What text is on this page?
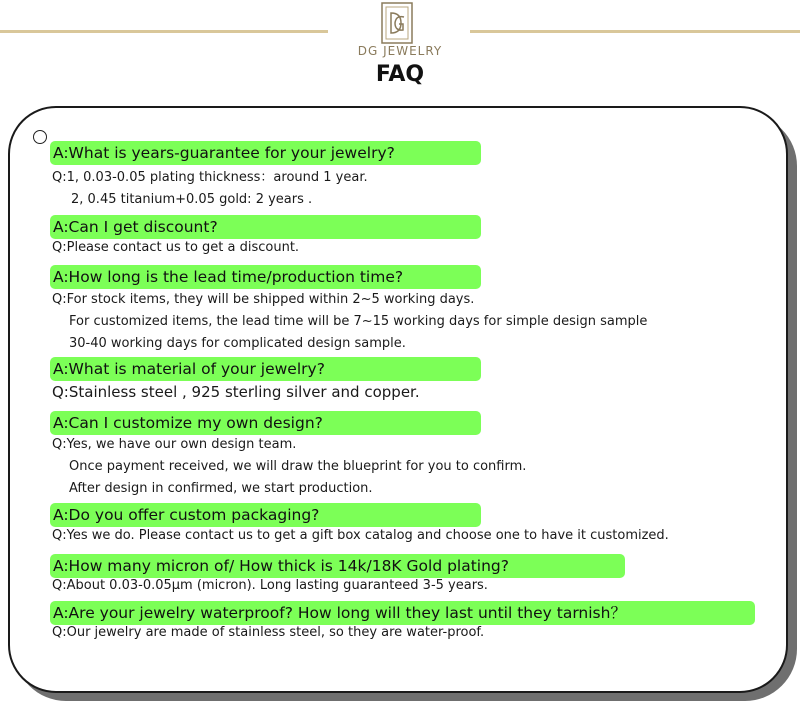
DG JEWELRY
FAQ
A:What is years-guarantee for your jewelry?
Q:1, 0.03-0.05 plating thickness：around 1 year.
2, 0.45 titanium+0.05 gold: 2 years .
A:Can I get discount?
Q:Please contact us to get a discount.
A:How long is the lead time/production time?
Q:For stock items, they will be shipped within 2~5 working days.
For customized items, the lead time will be 7~15 working days for simple design sample
30-40 working days for complicated design sample.
A:What is material of your jewelry?
Q:Stainless steel , 925 sterling silver and copper.
A:Can I customize my own design?
Q:Yes, we have our own design team.
Once payment received, we will draw the blueprint for you to confirm.
After design in confirmed, we start production.
A:Do you offer custom packaging?
Q:Yes we do. Please contact us to get a gift box catalog and choose one to have it customized.
A:How many micron of/ How thick is 14k/18K Gold plating?
Q:About 0.03-0.05μm (micron). Long lasting guaranteed 3-5 years.
A:Are your jewelry waterproof? How long will they last until they tarnish？
Q:Our jewelry are made of stainless steel, so they are water-proof.
